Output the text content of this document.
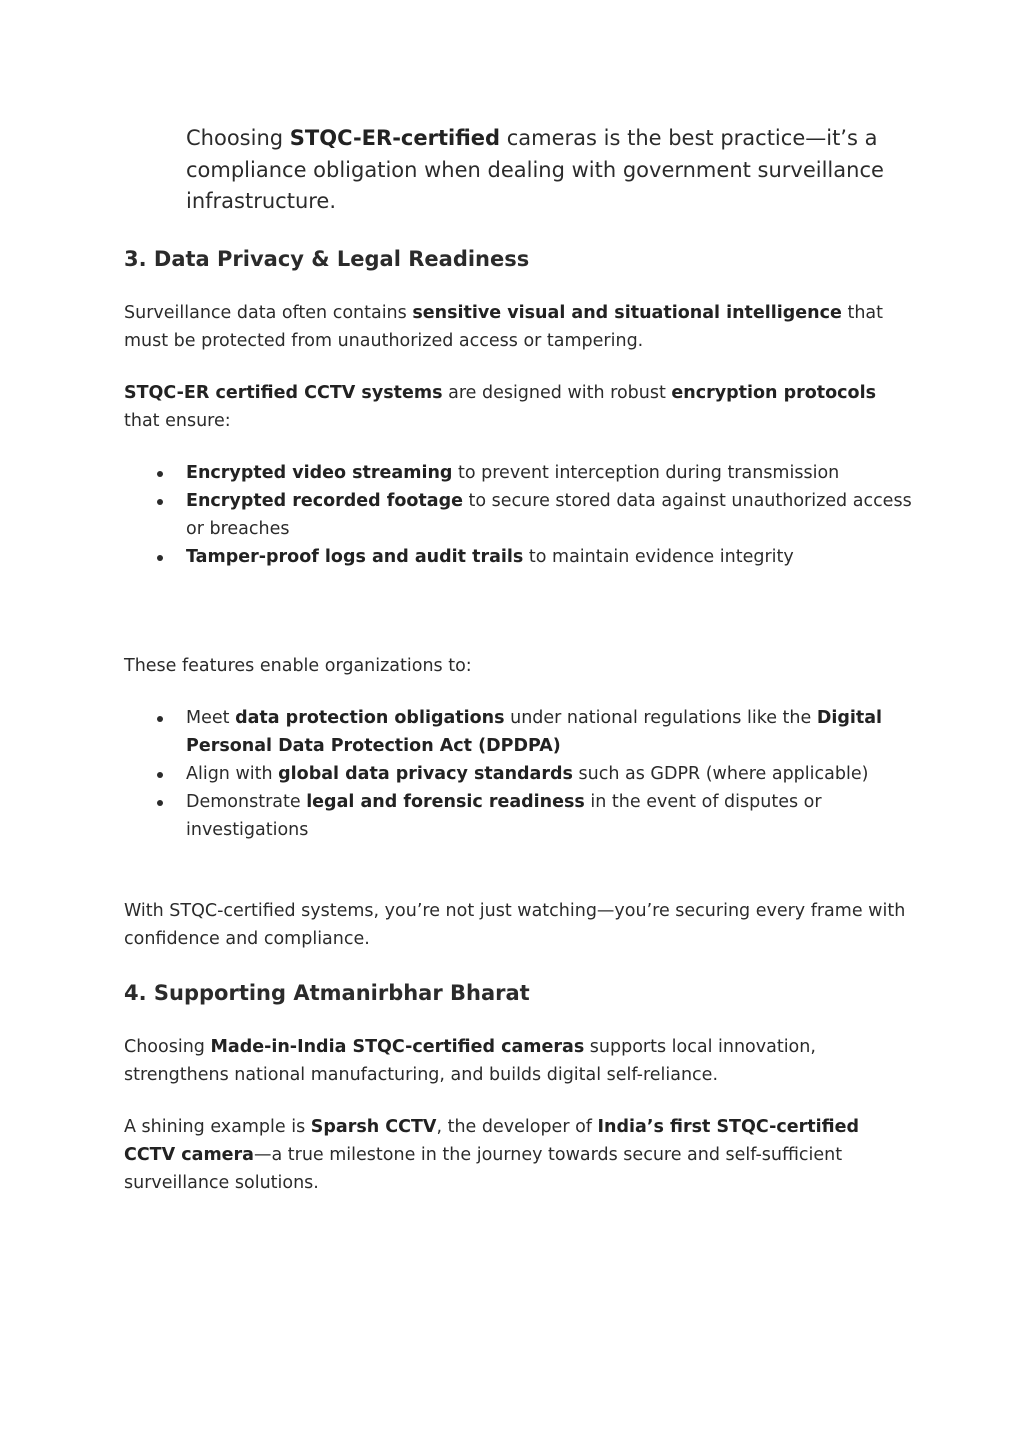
Choosing STQC-ER-certified cameras is the best practice—it’s a compliance obligation when dealing with government surveillance infrastructure.

3. Data Privacy & Legal Readiness

Surveillance data often contains sensitive visual and situational intelligence that must be protected from unauthorized access or tampering.

STQC-ER certified CCTV systems are designed with robust encryption protocols that ensure:

Encrypted video streaming to prevent interception during transmission
Encrypted recorded footage to secure stored data against unauthorized access or breaches
Tamper-proof logs and audit trails to maintain evidence integrity

These features enable organizations to:

Meet data protection obligations under national regulations like the Digital Personal Data Protection Act (DPDPA)
Align with global data privacy standards such as GDPR (where applicable)
Demonstrate legal and forensic readiness in the event of disputes or investigations

With STQC-certified systems, you’re not just watching—you’re securing every frame with confidence and compliance.

4. Supporting Atmanirbhar Bharat

Choosing Made-in-India STQC-certified cameras supports local innovation, strengthens national manufacturing, and builds digital self-reliance.

A shining example is Sparsh CCTV, the developer of India’s first STQC-certified CCTV camera—a true milestone in the journey towards secure and self-sufficient surveillance solutions.
